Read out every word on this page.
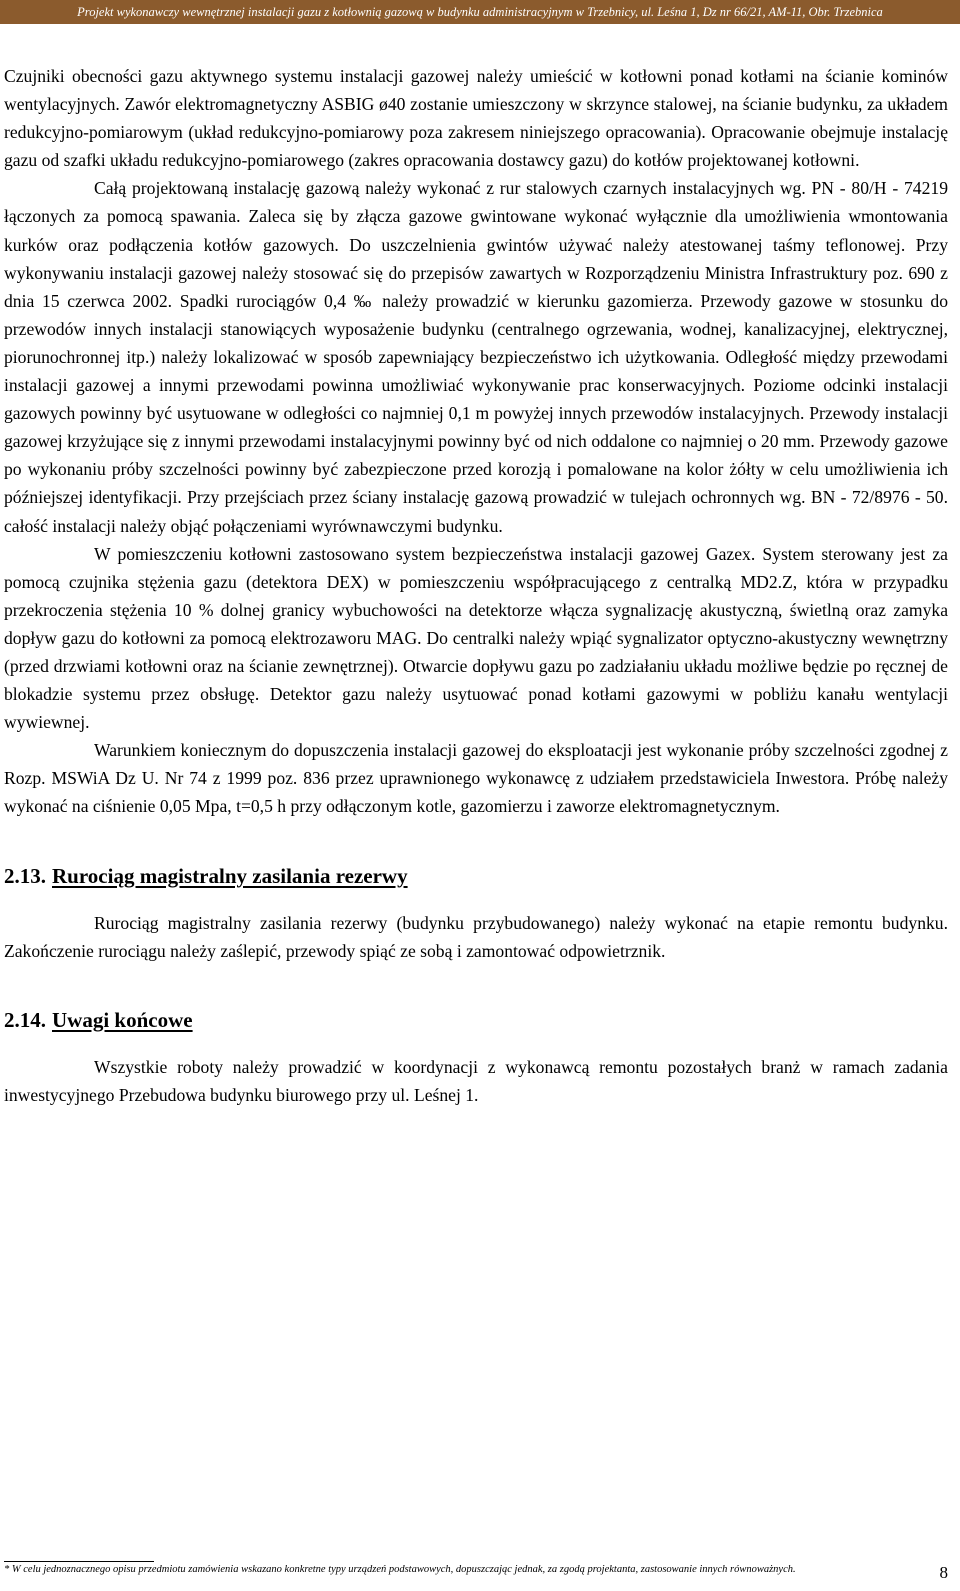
Projekt wykonawczy wewnętrznej instalacji gazu z kotłownią gazową w budynku administracyjnym w Trzebnicy, ul. Leśna 1, Dz nr 66/21, AM-11, Obr. Trzebnica

Czujniki obecności gazu aktywnego systemu instalacji gazowej należy umieścić w kotłowni ponad kotłami na ścianie kominów wentylacyjnych. Zawór elektromagnetyczny ASBIG ø40 zostanie umieszczony w skrzynce stalowej, na ścianie budynku, za układem redukcyjno-pomiarowym (układ redukcyjno-pomiarowy poza zakresem niniejszego opracowania). Opracowanie obejmuje instalację gazu od szafki układu redukcyjno-pomiarowego (zakres opracowania dostawcy gazu) do kotłów projektowanej kotłowni.

Całą projektowaną instalację gazową należy wykonać z rur stalowych czarnych instalacyjnych wg. PN - 80/H - 74219 łączonych za pomocą spawania. Zaleca się by złącza gazowe gwintowane wykonać wyłącznie dla umożliwienia wmontowania kurków oraz podłączenia kotłów gazowych. Do uszczelnienia gwintów używać należy atestowanej taśmy teflonowej. Przy wykonywaniu instalacji gazowej należy stosować się do przepisów zawartych w Rozporządzeniu Ministra Infrastruktury poz. 690 z dnia 15 czerwca 2002. Spadki rurociągów 0,4 ‰ należy prowadzić w kierunku gazomierza. Przewody gazowe w stosunku do przewodów innych instalacji stanowiących wyposażenie budynku (centralnego ogrzewania, wodnej, kanalizacyjnej, elektrycznej, piorunochronnej itp.) należy lokalizować w sposób zapewniający bezpieczeństwo ich użytkowania. Odległość między przewodami instalacji gazowej a innymi przewodami powinna umożliwiać wykonywanie prac konserwacyjnych. Poziome odcinki instalacji gazowych powinny być usytuowane w odległości co najmniej 0,1 m powyżej innych przewodów instalacyjnych. Przewody instalacji gazowej krzyżujące się z innymi przewodami instalacyjnymi powinny być od nich oddalone co najmniej o 20 mm. Przewody gazowe po wykonaniu próby szczelności powinny być zabezpieczone przed korozją i pomalowane na kolor żółty w celu umożliwienia ich późniejszej identyfikacji. Przy przejściach przez ściany instalację gazową prowadzić w tulejach ochronnych wg. BN - 72/8976 - 50. całość instalacji należy objąć połączeniami wyrównawczymi budynku.

W pomieszczeniu kotłowni zastosowano system bezpieczeństwa instalacji gazowej Gazex. System sterowany jest za pomocą czujnika stężenia gazu (detektora DEX) w pomieszczeniu współpracującego z centralką MD2.Z, która w przypadku przekroczenia stężenia 10 % dolnej granicy wybuchowości na detektorze włącza sygnalizację akustyczną, świetlną oraz zamyka dopływ gazu do kotłowni za pomocą elektrozaworu MAG. Do centralki należy wpiąć sygnalizator optyczno-akustyczny wewnętrzny (przed drzwiami kotłowni oraz na ścianie zewnętrznej). Otwarcie dopływu gazu po zadziałaniu układu możliwe będzie po ręcznej de blokadzie systemu przez obsługę. Detektor gazu należy usytuować ponad kotłami gazowymi w pobliżu kanału wentylacji wywiewnej.

Warunkiem koniecznym do dopuszczenia instalacji gazowej do eksploatacji jest wykonanie próby szczelności zgodnej z Rozp. MSWiA Dz U. Nr 74 z 1999 poz. 836 przez uprawnionego wykonawcę z udziałem przedstawiciela Inwestora. Próbę należy wykonać na ciśnienie 0,05 Mpa, t=0,5 h przy odłączonym kotle, gazomierzu i zaworze elektromagnetycznym.

2.13. Rurociąg magistralny zasilania rezerwy

Rurociąg magistralny zasilania rezerwy (budynku przybudowanego) należy wykonać na etapie remontu budynku. Zakończenie rurociągu należy zaślepić, przewody spiąć ze sobą i zamontować odpowietrznik.

2.14. Uwagi końcowe

Wszystkie roboty należy prowadzić w koordynacji z wykonawcą remontu pozostałych branż w ramach zadania inwestycyjnego Przebudowa budynku biurowego przy ul. Leśnej 1.

* W celu jednoznacznego opisu przedmiotu zamówienia wskazano konkretne typy urządzeń podstawowych, dopuszczając jednak, za zgodą projektanta, zastosowanie innych równoważnych.	8
